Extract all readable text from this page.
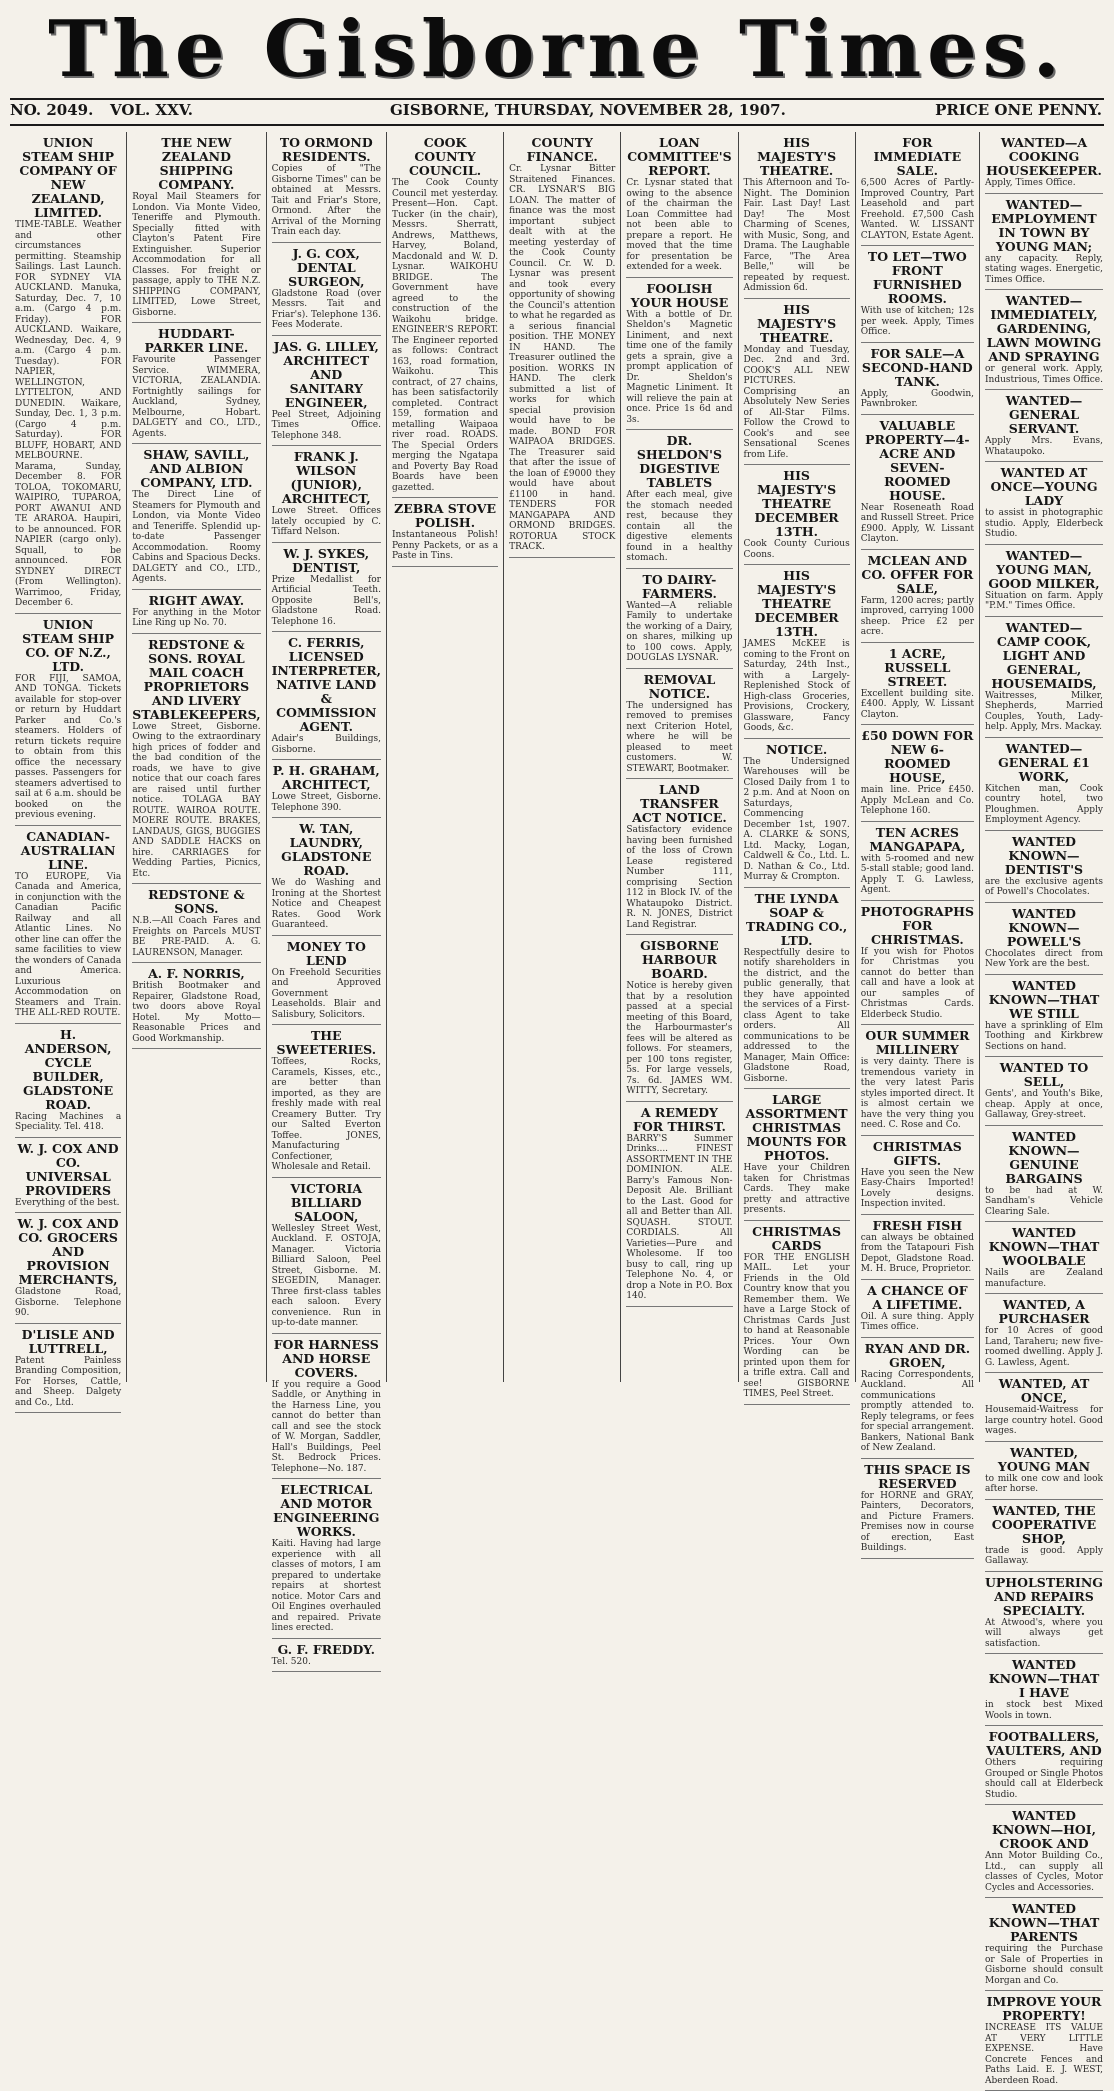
The Gisborne Times.
NO. 2049. VOL. XXV.	GISBORNE, THURSDAY, NOVEMBER 28, 1907.	PRICE ONE PENNY.
UNION STEAM SHIP COMPANY OF NEW ZEALAND, LIMITED.
TIME-TABLE. Weather and other circumstances permitting. Steamship Sailings. Last Launch. FOR SYDNEY VIA AUCKLAND. Manuka, Saturday, Dec. 7, 10 a.m. (Cargo 4 p.m. Friday). FOR AUCKLAND. Waikare, Wednesday, Dec. 4, 9 a.m. (Cargo 4 p.m. Tuesday). FOR NAPIER, WELLINGTON, LYTTELTON, AND DUNEDIN. Waikare, Sunday, Dec. 1, 3 p.m. (Cargo 4 p.m. Saturday). FOR BLUFF, HOBART, AND MELBOURNE. Marama, Sunday, December 8. FOR TOLOA, TOKOMARU, WAIPIRO, TUPAROA, PORT AWANUI AND TE ARAROA. Haupiri, to be announced. FOR NAPIER (cargo only). Squall, to be announced. FOR SYDNEY DIRECT (From Wellington). Warrimoo, Friday, December 6.
UNION STEAM SHIP CO. OF N.Z., LTD.
FOR FIJI, SAMOA, AND TONGA. Tickets available for stop-over or return by Huddart Parker and Co.'s steamers. Holders of return tickets require to obtain from this office the necessary passes. Passengers for steamers advertised to sail at 6 a.m. should be booked on the previous evening.
CANADIAN-AUSTRALIAN LINE.
TO EUROPE, Via Canada and America, in conjunction with the Canadian Pacific Railway and all Atlantic Lines. No other line can offer the same facilities to view the wonders of Canada and America. Luxurious Accommodation on Steamers and Train. THE ALL-RED ROUTE.
H. ANDERSON, CYCLE BUILDER, GLADSTONE ROAD.
Racing Machines a Speciality. Tel. 418.
W. J. COX AND CO. UNIVERSAL PROVIDERS
Everything of the best.
W. J. COX AND CO. GROCERS AND PROVISION MERCHANTS,
Gladstone Road, Gisborne. Telephone 90.
D'LISLE AND LUTTRELL,
Patent Painless Branding Composition, For Horses, Cattle, and Sheep. Dalgety and Co., Ltd.
THE NEW ZEALAND SHIPPING COMPANY.
Royal Mail Steamers for London. Via Monte Video, Teneriffe and Plymouth. Specially fitted with Clayton's Patent Fire Extinguisher. Superior Accommodation for all Classes. For freight or passage, apply to THE N.Z. SHIPPING COMPANY, LIMITED, Lowe Street, Gisborne.
HUDDART-PARKER LINE.
Favourite Passenger Service. WIMMERA, VICTORIA, ZEALANDIA. Fortnightly sailings for Auckland, Sydney, Melbourne, Hobart. DALGETY and CO., LTD., Agents.
SHAW, SAVILL, AND ALBION COMPANY, LTD.
The Direct Line of Steamers for Plymouth and London, via Monte Video and Teneriffe. Splendid up-to-date Passenger Accommodation. Roomy Cabins and Spacious Decks. DALGETY and CO., LTD., Agents.
RIGHT AWAY.
For anything in the Motor Line Ring up No. 70.
REDSTONE & SONS. ROYAL MAIL COACH PROPRIETORS AND LIVERY STABLEKEEPERS,
Lowe Street, Gisborne. Owing to the extraordinary high prices of fodder and the bad condition of the roads, we have to give notice that our coach fares are raised until further notice. TOLAGA BAY ROUTE. WAIROA ROUTE. MOERE ROUTE. BRAKES, LANDAUS, GIGS, BUGGIES AND SADDLE HACKS on hire. CARRIAGES for Wedding Parties, Picnics, Etc.
REDSTONE & SONS.
N.B.—All Coach Fares and Freights on Parcels MUST BE PRE-PAID. A. G. LAURENSON, Manager.
A. F. NORRIS,
British Bootmaker and Repairer, Gladstone Road, two doors above Royal Hotel. My Motto—Reasonable Prices and Good Workmanship.
TO ORMOND RESIDENTS.
Copies of "The Gisborne Times" can be obtained at Messrs. Tait and Friar's Store, Ormond. After the Arrival of the Morning Train each day.
J. G. COX, DENTAL SURGEON,
Gladstone Road (over Messrs. Tait and Friar's). Telephone 136. Fees Moderate.
JAS. G. LILLEY, ARCHITECT AND SANITARY ENGINEER,
Peel Street, Adjoining Times Office. Telephone 348.
FRANK J. WILSON (JUNIOR), ARCHITECT,
Lowe Street. Offices lately occupied by C. Tiffard Nelson.
W. J. SYKES, DENTIST,
Prize Medallist for Artificial Teeth. Opposite Bell's, Gladstone Road. Telephone 16.
C. FERRIS, LICENSED INTERPRETER, NATIVE LAND & COMMISSION AGENT.
Adair's Buildings, Gisborne.
P. H. GRAHAM, ARCHITECT,
Lowe Street, Gisborne. Telephone 390.
W. TAN, LAUNDRY, GLADSTONE ROAD.
We do Washing and Ironing at the Shortest Notice and Cheapest Rates. Good Work Guaranteed.
MONEY TO LEND
On Freehold Securities and Approved Government Leaseholds. Blair and Salisbury, Solicitors.
THE SWEETERIES.
Toffees, Rocks, Caramels, Kisses, etc., are better than imported, as they are freshly made with real Creamery Butter. Try our Salted Everton Toffee. JONES, Manufacturing Confectioner, Wholesale and Retail.
VICTORIA BILLIARD SALOON,
Wellesley Street West, Auckland. F. OSTOJA, Manager. Victoria Billiard Saloon, Peel Street, Gisborne. M. SEGEDIN, Manager. Three first-class tables each saloon. Every convenience. Run in up-to-date manner.
FOR HARNESS AND HORSE COVERS.
If you require a Good Saddle, or Anything in the Harness Line, you cannot do better than call and see the stock of W. Morgan, Saddler, Hall's Buildings, Peel St. Bedrock Prices. Telephone—No. 187.
ELECTRICAL AND MOTOR ENGINEERING WORKS.
Kaiti. Having had large experience with all classes of motors, I am prepared to undertake repairs at shortest notice. Motor Cars and Oil Engines overhauled and repaired. Private lines erected.
G. F. FREDDY.
Tel. 520.
COOK COUNTY COUNCIL.
The Cook County Council met yesterday. Present—Hon. Capt. Tucker (in the chair), Messrs. Sherratt, Andrews, Matthews, Harvey, Boland, Macdonald and W. D. Lysnar. WAIKOHU BRIDGE. The Government have agreed to the construction of the Waikohu bridge. ENGINEER'S REPORT. The Engineer reported as follows: Contract 163, road formation, Waikohu. This contract, of 27 chains, has been satisfactorily completed. Contract 159, formation and metalling Waipaoa river road. ROADS. The Special Orders merging the Ngatapa and Poverty Bay Road Boards have been gazetted.
ZEBRA STOVE POLISH.
Instantaneous Polish! Penny Packets, or as a Paste in Tins.
COUNTY FINANCE.
Cr. Lysnar Bitter Straitened Finances. CR. LYSNAR'S BIG LOAN. The matter of finance was the most important subject dealt with at the meeting yesterday of the Cook County Council. Cr. W. D. Lysnar was present and took every opportunity of showing the Council's attention to what he regarded as a serious financial position. THE MONEY IN HAND. The Treasurer outlined the position. WORKS IN HAND. The clerk submitted a list of works for which special provision would have to be made. BOND FOR WAIPAOA BRIDGES. The Treasurer said that after the issue of the loan of £9000 they would have about £1100 in hand. TENDERS FOR MANGAPAPA AND ORMOND BRIDGES. ROTORUA STOCK TRACK.
LOAN COMMITTEE'S REPORT.
Cr. Lysnar stated that owing to the absence of the chairman the Loan Committee had not been able to prepare a report. He moved that the time for presentation be extended for a week.
FOOLISH YOUR HOUSE
With a bottle of Dr. Sheldon's Magnetic Liniment, and next time one of the family gets a sprain, give a prompt application of Dr. Sheldon's Magnetic Liniment. It will relieve the pain at once. Price 1s 6d and 3s.
DR. SHELDON'S DIGESTIVE TABLETS
After each meal, give the stomach needed rest, because they contain all the digestive elements found in a healthy stomach.
TO DAIRY-FARMERS.
Wanted—A reliable Family to undertake the working of a Dairy, on shares, milking up to 100 cows. Apply, DOUGLAS LYSNAR.
REMOVAL NOTICE.
The undersigned has removed to premises next Criterion Hotel, where he will be pleased to meet customers. W. STEWART, Bootmaker.
LAND TRANSFER ACT NOTICE.
Satisfactory evidence having been furnished of the loss of Crown Lease registered Number 111, comprising Section 112 in Block IV. of the Whataupoko District. R. N. JONES, District Land Registrar.
GISBORNE HARBOUR BOARD.
Notice is hereby given that by a resolution passed at a special meeting of this Board, the Harbourmaster's fees will be altered as follows. For steamers, per 100 tons register, 5s. For large vessels, 7s. 6d. JAMES WM. WITTY, Secretary.
A REMEDY FOR THIRST.
BARRY'S Summer Drinks.... FINEST ASSORTMENT IN THE DOMINION. ALE. Barry's Famous Non-Deposit Ale. Brilliant to the Last. Good for all and Better than All. SQUASH. STOUT. CORDIALS. All Varieties—Pure and Wholesome. If too busy to call, ring up Telephone No. 4, or drop a Note in P.O. Box 140.
HIS MAJESTY'S THEATRE.
This Afternoon and To-Night. The Dominion Fair. Last Day! Last Day! The Most Charming of Scenes, with Music, Song, and Drama. The Laughable Farce, "The Area Belle," will be repeated by request. Admission 6d.
HIS MAJESTY'S THEATRE.
Monday and Tuesday, Dec. 2nd and 3rd. COOK'S ALL NEW PICTURES. Comprising an Absolutely New Series of All-Star Films. Follow the Crowd to Cook's and see Sensational Scenes from Life.
HIS MAJESTY'S THEATRE DECEMBER 13TH.
Cook County Curious Coons.
HIS MAJESTY'S THEATRE DECEMBER 13TH.
JAMES McKEE is coming to the Front on Saturday, 24th Inst., with a Largely-Replenished Stock of High-class Groceries, Provisions, Crockery, Glassware, Fancy Goods, &c.
NOTICE.
The Undersigned Warehouses will be Closed Daily from 1 to 2 p.m. And at Noon on Saturdays, Commencing December 1st, 1907. A. CLARKE & SONS, Ltd. Macky, Logan, Caldwell & Co., Ltd. L. D. Nathan & Co., Ltd. Murray & Crompton.
THE LYNDA SOAP & TRADING CO., LTD.
Respectfully desire to notify shareholders in the district, and the public generally, that they have appointed the services of a First-class Agent to take orders. All communications to be addressed to the Manager, Main Office: Gladstone Road, Gisborne.
LARGE ASSORTMENT CHRISTMAS MOUNTS FOR PHOTOS.
Have your Children taken for Christmas Cards. They make pretty and attractive presents.
CHRISTMAS CARDS
FOR THE ENGLISH MAIL. Let your Friends in the Old Country know that you Remember them. We have a Large Stock of Christmas Cards Just to hand at Reasonable Prices. Your Own Wording can be printed upon them for a trifle extra. Call and see! GISBORNE TIMES, Peel Street.
FOR IMMEDIATE SALE.
6,500 Acres of Partly-Improved Country, Part Leasehold and part Freehold. £7,500 Cash Wanted. W. LISSANT CLAYTON, Estate Agent.
TO LET—TWO FRONT FURNISHED ROOMS.
With use of kitchen; 12s per week. Apply, Times Office.
FOR SALE—A SECOND-HAND TANK.
Apply, Goodwin, Pawnbroker.
VALUABLE PROPERTY—4-ACRE AND SEVEN-ROOMED HOUSE.
Near Roseneath Road and Russell Street. Price £900. Apply, W. Lissant Clayton.
MCLEAN AND CO. OFFER FOR SALE,
Farm, 1200 acres; partly improved, carrying 1000 sheep. Price £2 per acre.
1 ACRE, RUSSELL STREET.
Excellent building site. £400. Apply, W. Lissant Clayton.
£50 DOWN FOR NEW 6-ROOMED HOUSE,
main line. Price £450. Apply McLean and Co. Telephone 160.
TEN ACRES MANGAPAPA,
with 5-roomed and new 5-stall stable; good land. Apply T. G. Lawless, Agent.
PHOTOGRAPHS FOR CHRISTMAS.
If you wish for Photos for Christmas you cannot do better than call and have a look at our samples of Christmas Cards. Elderbeck Studio.
OUR SUMMER MILLINERY
is very dainty. There is tremendous variety in the very latest Paris styles imported direct. It is almost certain we have the very thing you need. C. Rose and Co.
CHRISTMAS GIFTS.
Have you seen the New Easy-Chairs Imported! Lovely designs. Inspection invited.
FRESH FISH
can always be obtained from the Tatapouri Fish Depot, Gladstone Road. M. H. Bruce, Proprietor.
A CHANCE OF A LIFETIME.
Oil. A sure thing. Apply Times office.
RYAN AND DR. GROEN,
Racing Correspondents, Auckland. All communications promptly attended to. Reply telegrams, or fees for special arrangement. Bankers, National Bank of New Zealand.
THIS SPACE IS RESERVED
for HORNE and GRAY, Painters, Decorators, and Picture Framers. Premises now in course of erection, East Buildings.
WANTED—A COOKING HOUSEKEEPER.
Apply, Times Office.
WANTED—EMPLOYMENT IN TOWN BY YOUNG MAN;
any capacity. Reply, stating wages. Energetic, Times Office.
WANTED—IMMEDIATELY, GARDENING, LAWN MOWING AND SPRAYING
or general work. Apply, Industrious, Times Office.
WANTED—GENERAL SERVANT.
Apply Mrs. Evans, Whataupoko.
WANTED AT ONCE—YOUNG LADY
to assist in photographic studio. Apply, Elderbeck Studio.
WANTED—YOUNG MAN, GOOD MILKER,
Situation on farm. Apply "P.M." Times Office.
WANTED—CAMP COOK, LIGHT AND GENERAL, HOUSEMAIDS,
Waitresses, Milker, Shepherds, Married Couples, Youth, Lady-help. Apply, Mrs. Mackay.
WANTED—GENERAL £1 WORK,
Kitchen man, Cook country hotel, two Ploughmen. Apply Employment Agency.
WANTED KNOWN—DENTIST'S
are the exclusive agents of Powell's Chocolates.
WANTED KNOWN—POWELL'S
Chocolates direct from New York are the best.
WANTED KNOWN—THAT WE STILL
have a sprinkling of Elm Toothing and Kirkbrew Sections on hand.
WANTED TO SELL,
Gents', and Youth's Bike, cheap. Apply at once, Gallaway, Grey-street.
WANTED KNOWN—GENUINE BARGAINS
to be had at W. Sandham's Vehicle Clearing Sale.
WANTED KNOWN—THAT WOOLBALE
Nails are Zealand manufacture.
WANTED, A PURCHASER
for 10 Acres of good Land, Taraheru; new five-roomed dwelling. Apply J. G. Lawless, Agent.
WANTED, AT ONCE,
Housemaid-Waitress for large country hotel. Good wages.
WANTED, YOUNG MAN
to milk one cow and look after horse.
WANTED, THE COOPERATIVE SHOP,
trade is good. Apply Gallaway.
UPHOLSTERING AND REPAIRS SPECIALTY.
At Atwood's, where you will always get satisfaction.
WANTED KNOWN—THAT I HAVE
in stock best Mixed Wools in town.
FOOTBALLERS, VAULTERS, AND
Others requiring Grouped or Single Photos should call at Elderbeck Studio.
WANTED KNOWN—HOI, CROOK AND
Ann Motor Building Co., Ltd., can supply all classes of Cycles, Motor Cycles and Accessories.
WANTED KNOWN—THAT PARENTS
requiring the Purchase or Sale of Properties in Gisborne should consult Morgan and Co.
IMPROVE YOUR PROPERTY!
INCREASE ITS VALUE AT VERY LITTLE EXPENSE. Have Concrete Fences and Paths Laid. E. J. WEST, Aberdeen Road.
